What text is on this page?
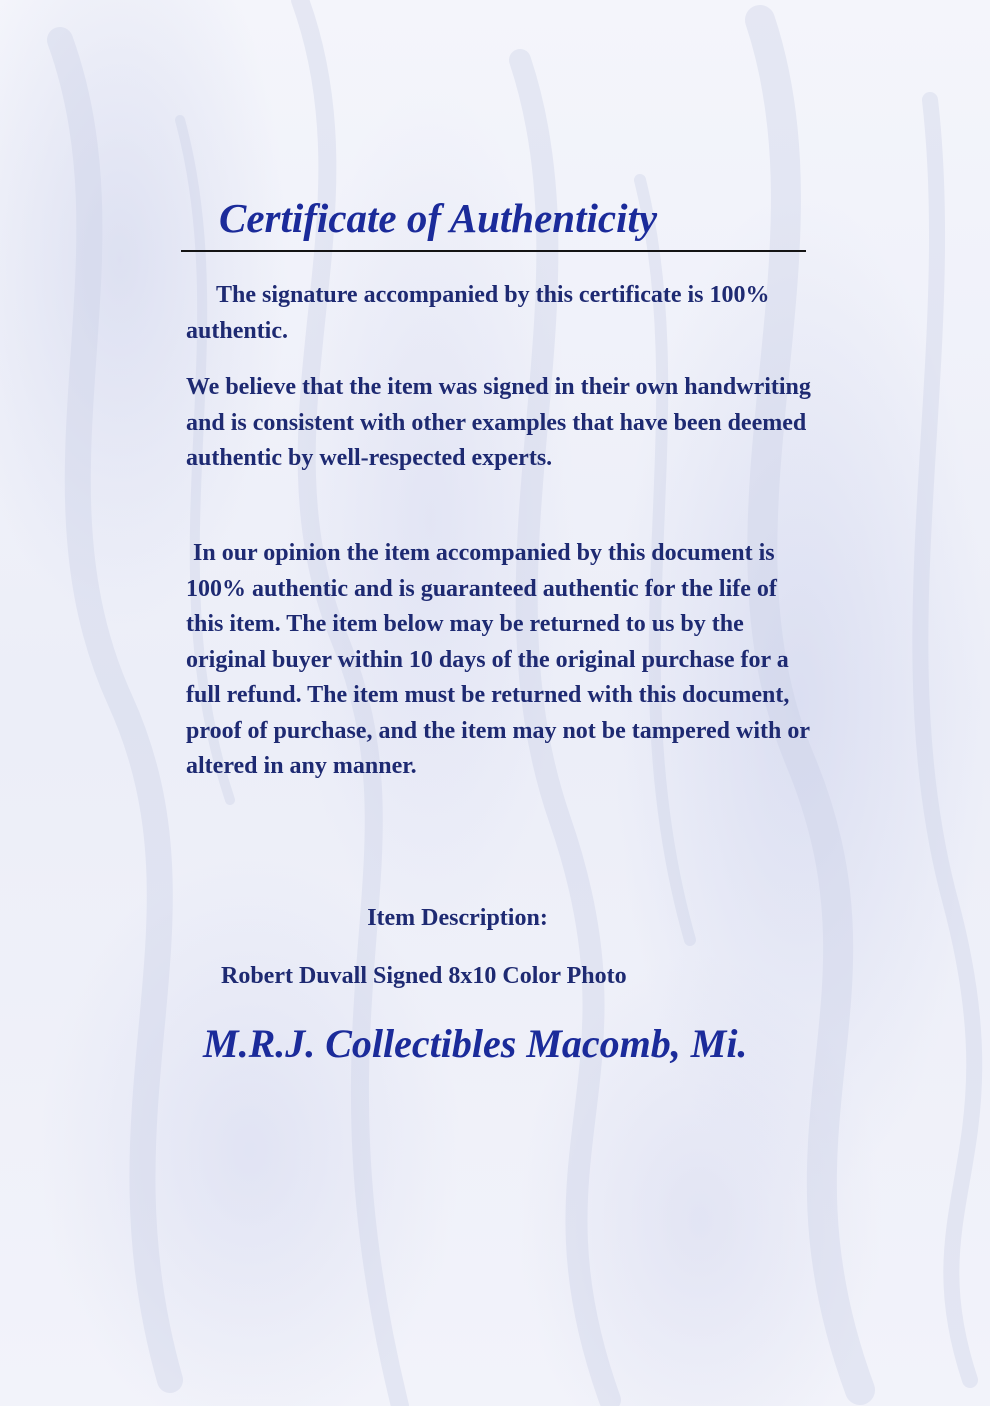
Certificate of Authenticity

The signature accompanied by this certificate is 100% authentic.

We believe that the item was signed in their own handwriting and is consistent with other examples that have been deemed authentic by well-respected experts.

In our opinion the item accompanied by this document is 100% authentic and is guaranteed authentic for the life of this item. The item below may be returned to us by the original buyer within 10 days of the original purchase for a full refund. The item must be returned with this document, proof of purchase, and the item may not be tampered with or altered in any manner.

Item Description:

Robert Duvall Signed 8x10 Color Photo

M.R.J. Collectibles Macomb, Mi.
